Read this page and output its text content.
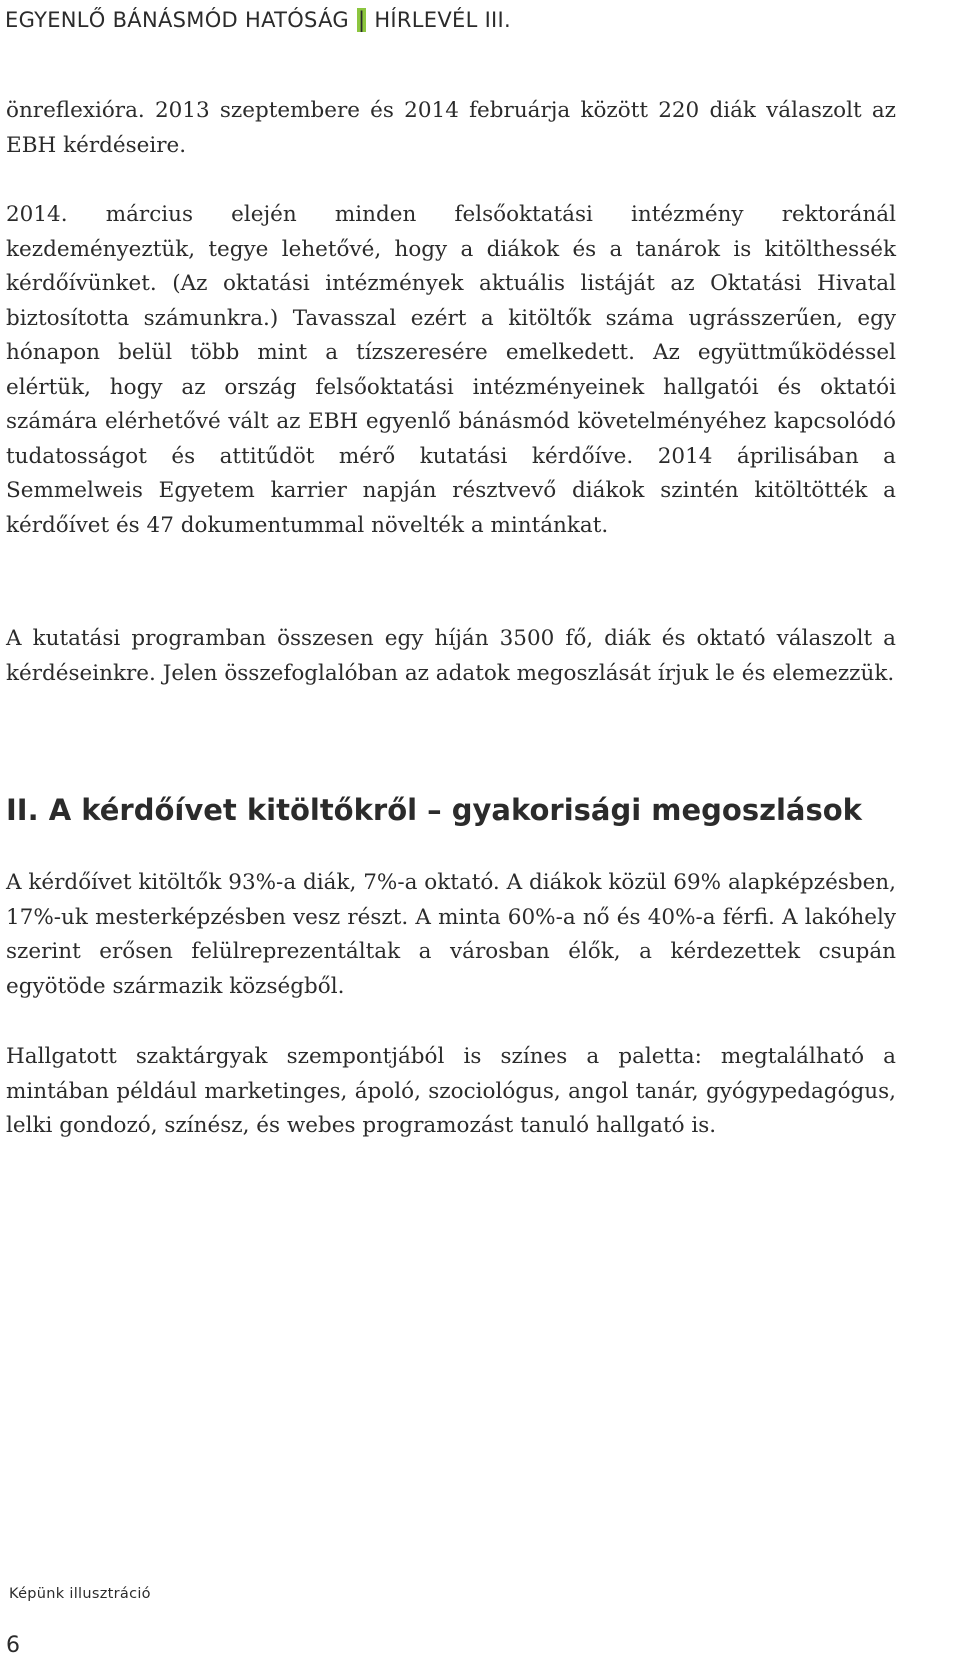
EGYENLŐ BÁNÁSMÓD HATÓSÁG | HÍRLEVÉL III.

önreflexióra. 2013 szeptembere és 2014 februárja között 220 diák válaszolt az EBH kérdéseire.

2014. március elején minden felsőoktatási intézmény rektoránál kezdeményeztük, tegye lehetővé, hogy a diákok és a tanárok is kitölthessék kérdőívünket. (Az oktatási intézmények aktuális listáját az Oktatási Hivatal biztosította számunkra.) Tavasszal ezért a kitöltők száma ugrásszerűen, egy hónapon belül több mint a tízszeresére emelkedett. Az együttműködéssel elértük, hogy az ország felsőoktatási intézményeinek hallgatói és oktatói számára elérhetővé vált az EBH egyenlő bánásmód követelményéhez kapcsolódó tudatosságot és attitűdöt mérő kutatási kérdőíve. 2014 áprilisában a Semmelweis Egyetem karrier napján résztvevő diákok szintén kitöltötték a kérdőívet és 47 dokumentummal növelték a mintánkat.

A kutatási programban összesen egy híján 3500 fő, diák és oktató válaszolt a kérdéseinkre. Jelen összefoglalóban az adatok megoszlását írjuk le és elemezzük.

II. A kérdőívet kitöltőkről – gyakorisági megoszlások

A kérdőívet kitöltők 93%-a diák, 7%-a oktató. A diákok közül 69% alapképzésben, 17%-uk mesterképzésben vesz részt. A minta 60%-a nő és 40%-a férfi. A lakóhely szerint erősen felülreprezentáltak a városban élők, a kérdezettek csupán egyötöde származik községből.

Hallgatott szaktárgyak szempontjából is színes a paletta: megtalálható a mintában például marketinges, ápoló, szociológus, angol tanár, gyógypedagógus, lelki gondozó, színész, és webes programozást tanuló hallgató is.

Képünk illusztráció
6
